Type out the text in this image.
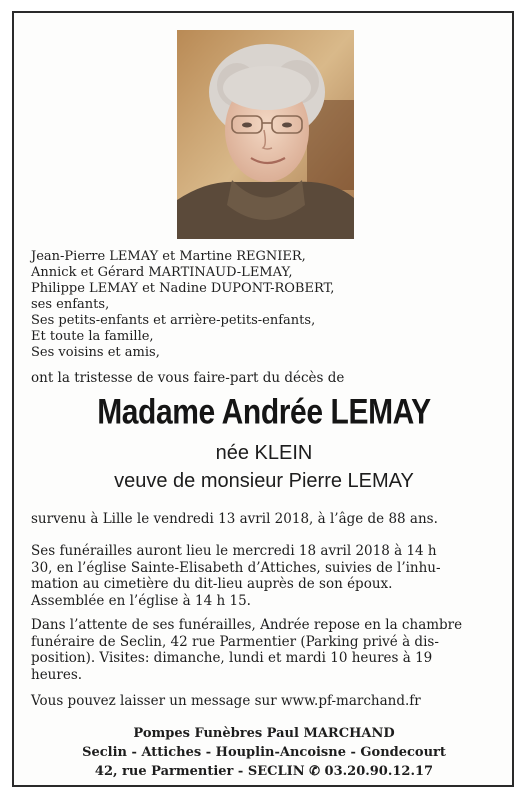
Jean-Pierre LEMAY et Martine REGNIER,
Annick et Gérard MARTINAUD-LEMAY,
Philippe LEMAY et Nadine DUPONT-ROBERT,
ses enfants,
Ses petits-enfants et arrière-petits-enfants,
Et toute la famille,
Ses voisins et amis,
ont la tristesse de vous faire-part du décès de
Madame Andrée LEMAY
née KLEIN
veuve de monsieur Pierre LEMAY
survenu à Lille le vendredi 13 avril 2018, à l’âge de 88 ans.
Ses funérailles auront lieu le mercredi 18 avril 2018 à 14 h
30, en l’église Sainte-Elisabeth d’Attiches, suivies de l’inhu-
mation au cimetière du dit-lieu auprès de son époux.
Assemblée en l’église à 14 h 15.
Dans l’attente de ses funérailles, Andrée repose en la chambre
funéraire de Seclin, 42 rue Parmentier (Parking privé à dis-
position). Visites: dimanche, lundi et mardi 10 heures à 19
heures.
Vous pouvez laisser un message sur www.pf-marchand.fr
Pompes Funèbres Paul MARCHAND
Seclin - Attiches - Houplin-Ancoisne - Gondecourt
42, rue Parmentier - SECLIN ✆ 03.20.90.12.17
